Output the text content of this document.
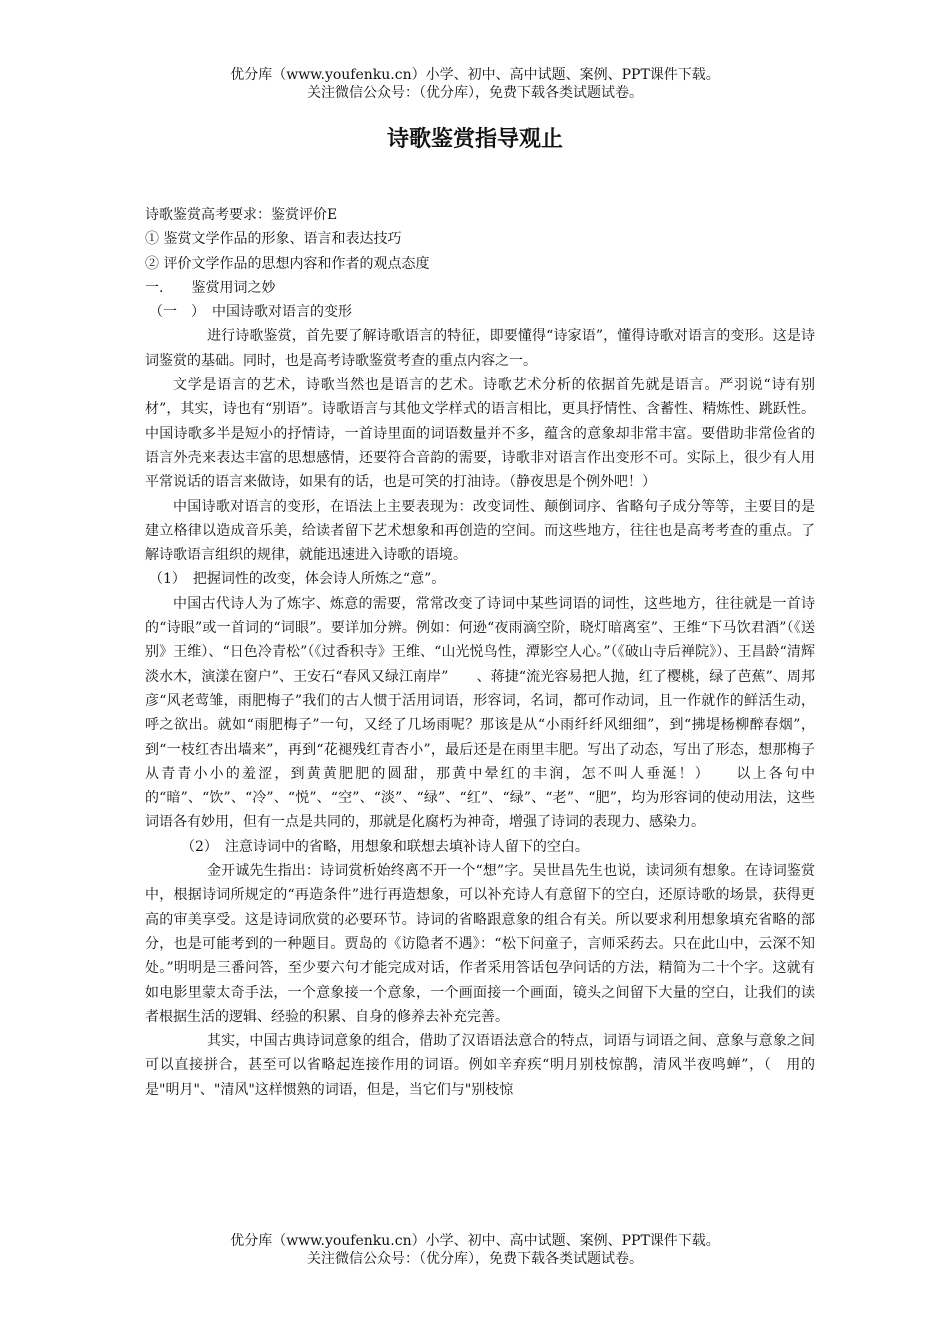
优分库（www.youfenku.cn）小学、初中、高中试题、案例、PPT课件下载。
关注微信公众号：（优分库），免费下载各类试题试卷。
诗歌鉴赏指导观止

诗歌鉴赏高考要求：鉴赏评价E

① 鉴赏文学作品的形象、语言和表达技巧

② 评价文学作品的思想内容和作者的观点态度

一.　　鉴赏用词之妙

（一　）　中国诗歌对语言的变形

进行诗歌鉴赏，首先要了解诗歌语言的特征，即要懂得“诗家语”，懂得诗歌对语言的变形。这是诗词鉴赏的基础。同时，也是高考诗歌鉴赏考查的重点内容之一。

文学是语言的艺术，诗歌当然也是语言的艺术。诗歌艺术分析的依据首先就是语言。严羽说“诗有别材”，其实，诗也有“别语”。诗歌语言与其他文学样式的语言相比，更具抒情性、含蓄性、精炼性、跳跃性。中国诗歌多半是短小的抒情诗，一首诗里面的词语数量并不多，蕴含的意象却非常丰富。要借助非常俭省的语言外壳来表达丰富的思想感情，还要符合音韵的需要，诗歌非对语言作出变形不可。实际上，很少有人用平常说话的语言来做诗，如果有的话，也是可笑的打油诗。（静夜思是个例外吧！）

中国诗歌对语言的变形，在语法上主要表现为：改变词性、颠倒词序、省略句子成分等等，主要目的是建立格律以造成音乐美，给读者留下艺术想象和再创造的空间。而这些地方，往往也是高考考查的重点。了解诗歌语言组织的规律，就能迅速进入诗歌的语境。

（1）　把握词性的改变，体会诗人所炼之“意”。

中国古代诗人为了炼字、炼意的需要，常常改变了诗词中某些词语的词性，这些地方，往往就是一首诗的“诗眼”或一首词的“词眼”。要详加分辨。例如：何逊“夜雨滴空阶，晓灯暗离室”、王维“下马饮君酒”（《送别》王维）、“日色冷青松”（《过香积寺》王维、“山光悦鸟性，潭影空人心。”（《破山寺后禅院》）、王昌龄“清辉淡水木，演漾在窗户”、王安石“春风又绿江南岸”　　、蒋捷“流光容易把人抛，红了樱桃，绿了芭蕉”、周邦彦“风老莺雏，雨肥梅子”我们的古人惯于活用词语，形容词，名词，都可作动词，且一作就作的鲜活生动，呼之欲出。就如“雨肥梅子”一句，又经了几场雨呢？那该是从“小雨纤纤风细细”，到“拂堤杨柳醉春烟”，到“一枝红杏出墙来”，再到“花褪残红青杏小”，最后还是在雨里丰肥。写出了动态，写出了形态，想那梅子从青青小小的羞涩，到黄黄肥肥的圆甜，那黄中晕红的丰润，怎不叫人垂涎！）　　以上各句中的“暗”、“饮”、“冷”、“悦”、“空”、“淡”、“绿”、“红”、“绿”、“老”、“肥”，均为形容词的使动用法，这些词语各有妙用，但有一点是共同的，那就是化腐朽为神奇，增强了诗词的表现力、感染力。

（2）　注意诗词中的省略，用想象和联想去填补诗人留下的空白。

金开诚先生指出：诗词赏析始终离不开一个“想”字。吴世昌先生也说，读词须有想象。在诗词鉴赏中，根据诗词所规定的“再造条件”进行再造想象，可以补充诗人有意留下的空白，还原诗歌的场景，获得更高的审美享受。这是诗词欣赏的必要环节。诗词的省略跟意象的组合有关。所以要求利用想象填充省略的部分，也是可能考到的一种题目。贾岛的《访隐者不遇》：“松下问童子，言师采药去。只在此山中，云深不知处。”明明是三番问答，至少要六句才能完成对话，作者采用答话包孕问话的方法，精简为二十个字。这就有如电影里蒙太奇手法，一个意象接一个意象，一个画面接一个画面，镜头之间留下大量的空白，让我们的读者根据生活的逻辑、经验的积累、自身的修养去补充完善。

其实，中国古典诗词意象的组合，借助了汉语语法意合的特点，词语与词语之间、意象与意象之间可以直接拼合，甚至可以省略起连接作用的词语。例如辛弃疾“明月别枝惊鹊，清风半夜鸣蝉”，（　用的是"明月"、"清风"这样惯熟的词语，但是，当它们与"别枝惊

优分库（www.youfenku.cn）小学、初中、高中试题、案例、PPT课件下载。
关注微信公众号：（优分库），免费下载各类试题试卷。
